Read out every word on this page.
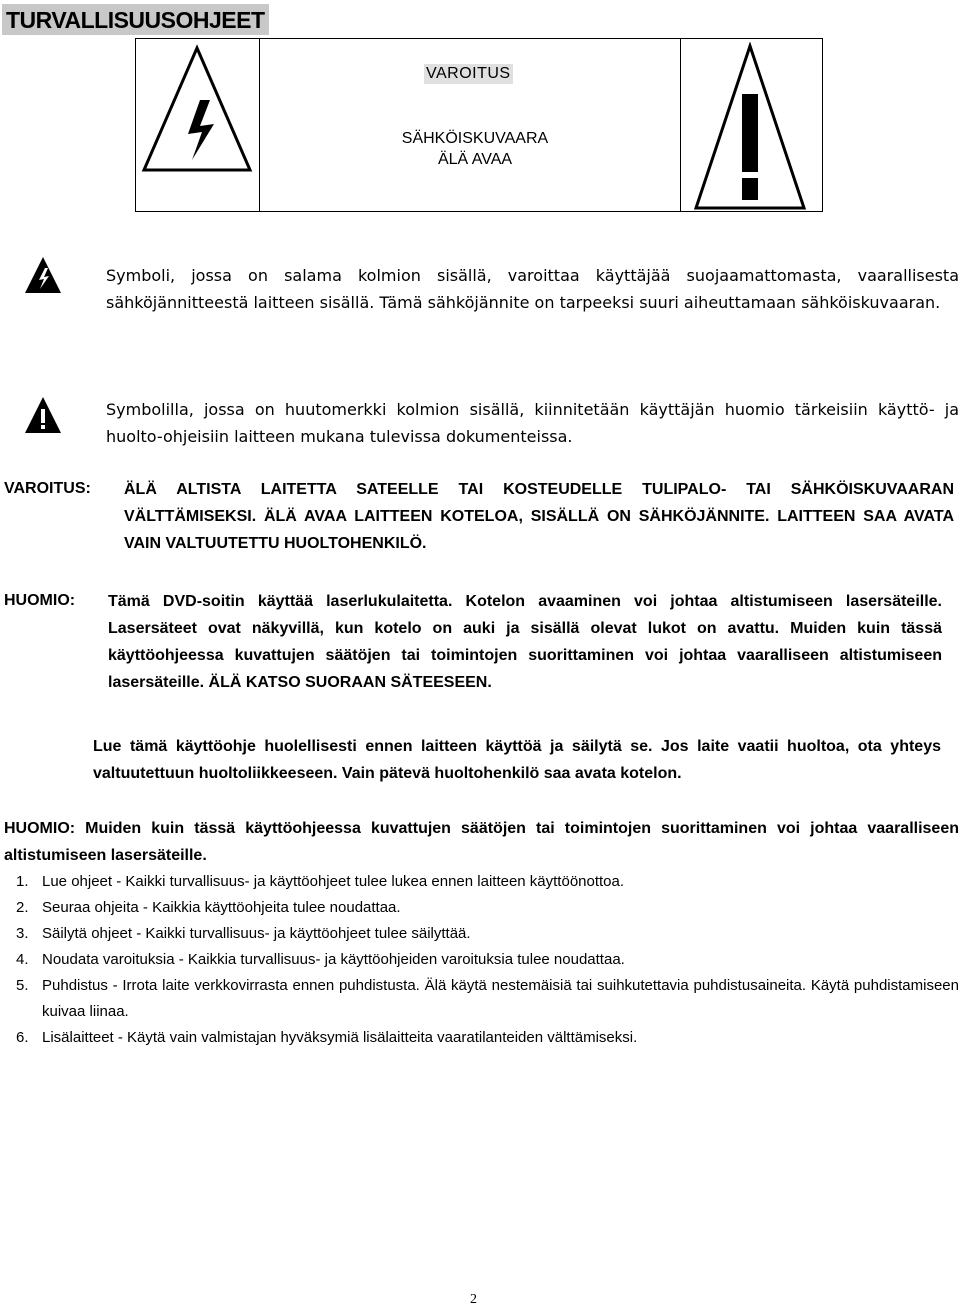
TURVALLISUUSOHJEET
VAROITUS
SÄHKÖISKUVAARA
ÄLÄ AVAA
Symboli, jossa on salama kolmion sisällä, varoittaa käyttäjää suojaamattomasta, vaarallisesta sähköjännitteestä laitteen sisällä. Tämä sähköjännite on tarpeeksi suuri aiheuttamaan sähköiskuvaaran.
Symbolilla, jossa on huutomerkki kolmion sisällä, kiinnitetään käyttäjän huomio tärkeisiin käyttö- ja huolto-ohjeisiin laitteen mukana tulevissa dokumenteissa.
VAROITUS: ÄLÄ ALTISTA LAITETTA SATEELLE TAI KOSTEUDELLE TULIPALO- TAI SÄHKÖISKUVAARAN VÄLTTÄMISEKSI. ÄLÄ AVAA LAITTEEN KOTELOA, SISÄLLÄ ON SÄHKÖJÄNNITE. LAITTEEN SAA AVATA VAIN VALTUUTETTU HUOLTOHENKILÖ.
HUOMIO: Tämä DVD-soitin käyttää laserlukulaitetta. Kotelon avaaminen voi johtaa altistumiseen lasersäteille. Lasersäteet ovat näkyvillä, kun kotelo on auki ja sisällä olevat lukot on avattu. Muiden kuin tässä käyttöohjeessa kuvattujen säätöjen tai toimintojen suorittaminen voi johtaa vaaralliseen altistumiseen lasersäteille. ÄLÄ KATSO SUORAAN SÄTEESEEN.
Lue tämä käyttöohje huolellisesti ennen laitteen käyttöä ja säilytä se. Jos laite vaatii huoltoa, ota yhteys valtuutettuun huoltoliikkeeseen. Vain pätevä huoltohenkilö saa avata kotelon.
HUOMIO: Muiden kuin tässä käyttöohjeessa kuvattujen säätöjen tai toimintojen suorittaminen voi johtaa vaaralliseen altistumiseen lasersäteille.
1. Lue ohjeet - Kaikki turvallisuus- ja käyttöohjeet tulee lukea ennen laitteen käyttöönottoa.
2. Seuraa ohjeita - Kaikkia käyttöohjeita tulee noudattaa.
3. Säilytä ohjeet - Kaikki turvallisuus- ja käyttöohjeet tulee säilyttää.
4. Noudata varoituksia - Kaikkia turvallisuus- ja käyttöohjeiden varoituksia tulee noudattaa.
5. Puhdistus - Irrota laite verkkovirrasta ennen puhdistusta. Älä käytä nestemäisiä tai suihkutettavia puhdistusaineita. Käytä puhdistamiseen kuivaa liinaa.
6. Lisälaitteet - Käytä vain valmistajan hyväksymiä lisälaitteita vaaratilanteiden välttämiseksi.
2
